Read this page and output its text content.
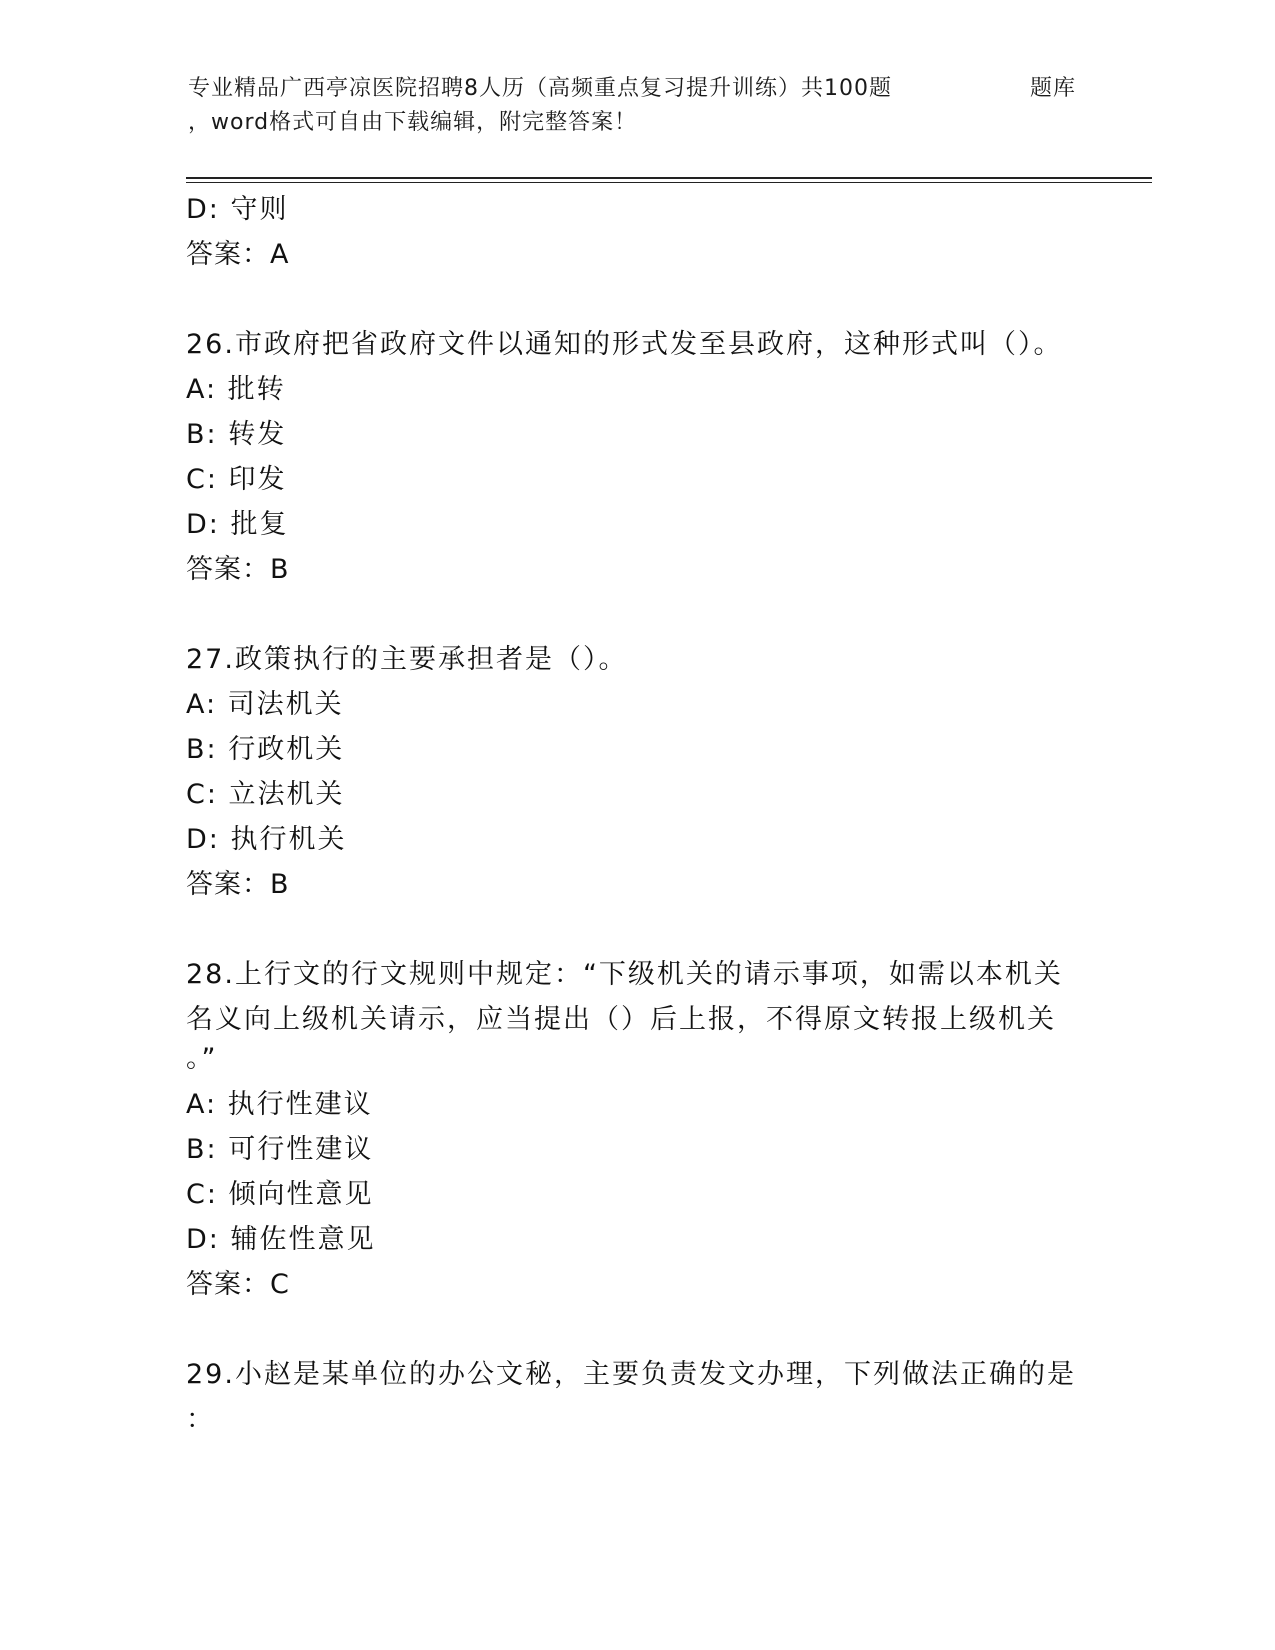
专业精品广西亭凉医院招聘8人历（高频重点复习提升训练）共100题
，word格式可自由下载编辑，附完整答案！
题库
D: 守则
答案：A
26.市政府把省政府文件以通知的形式发至县政府，这种形式叫（）。
A: 批转
B: 转发
C: 印发
D: 批复
答案：B
27.政策执行的主要承担者是（）。
A: 司法机关
B: 行政机关
C: 立法机关
D: 执行机关
答案：B
28.上行文的行文规则中规定：“下级机关的请示事项，如需以本机关
名义向上级机关请示，应当提出（）后上报，不得原文转报上级机关
。”
A: 执行性建议
B: 可行性建议
C: 倾向性意见
D: 辅佐性意见
答案：C
29.小赵是某单位的办公文秘，主要负责发文办理，下列做法正确的是
：
